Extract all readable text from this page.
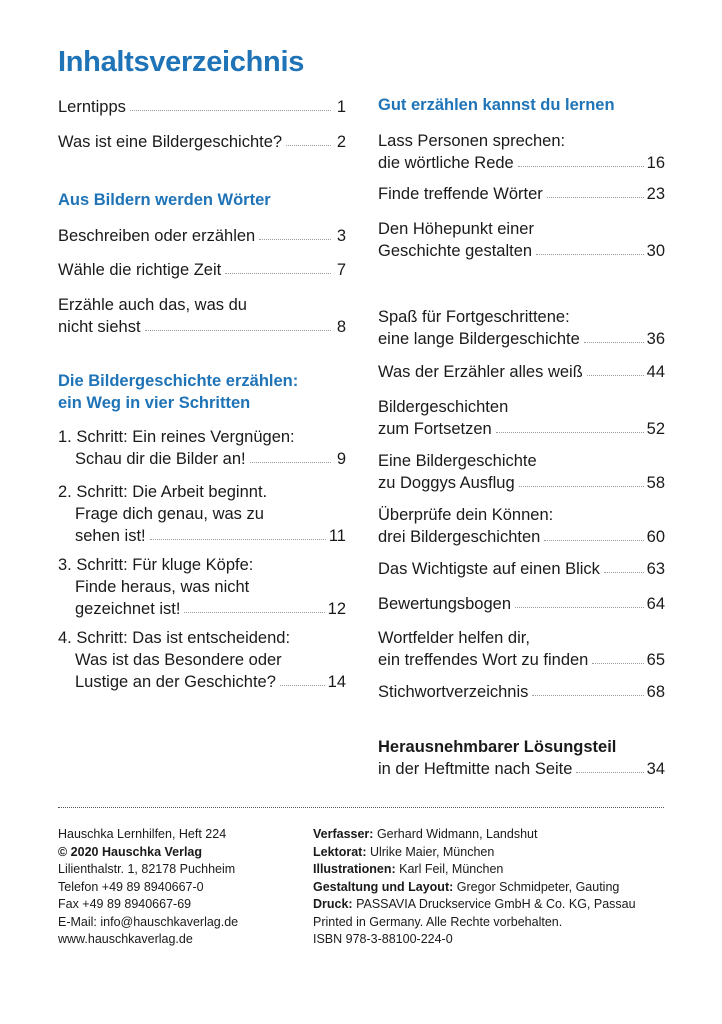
Inhaltsverzeichnis
Lerntipps	1
Was ist eine Bildergeschichte?	2
Aus Bildern werden Wörter
Beschreiben oder erzählen	3
Wähle die richtige Zeit	7
Erzähle auch das, was du
nicht siehst	8
Die Bildergeschichte erzählen:
ein Weg in vier Schritten
1. Schritt: Ein reines Vergnügen:
Schau dir die Bilder an!	9
2. Schritt: Die Arbeit beginnt.
Frage dich genau, was zu
sehen ist!	11
3. Schritt: Für kluge Köpfe:
Finde heraus, was nicht
gezeichnet ist!	12
4. Schritt: Das ist entscheidend:
Was ist das Besondere oder
Lustige an der Geschichte?	14
Gut erzählen kannst du lernen
Lass Personen sprechen:
die wörtliche Rede	16
Finde treffende Wörter	23
Den Höhepunkt einer
Geschichte gestalten	30
Spaß für Fortgeschrittene:
eine lange Bildergeschichte	36
Was der Erzähler alles weiß	44
Bildergeschichten
zum Fortsetzen	52
Eine Bildergeschichte
zu Doggys Ausflug	58
Überprüfe dein Können:
drei Bildergeschichten	60
Das Wichtigste auf einen Blick	63
Bewertungsbogen	64
Wortfelder helfen dir,
ein treffendes Wort zu finden	65
Stichwortverzeichnis	68
Herausnehmbarer Lösungsteil
in der Heftmitte nach Seite	34
Hauschka Lernhilfen, Heft 224
© 2020 Hauschka Verlag
Lilienthalstr. 1, 82178 Puchheim
Telefon +49 89 8940667-0
Fax +49 89 8940667-69
E-Mail: info@hauschkaverlag.de
www.hauschkaverlag.de
Verfasser: Gerhard Widmann, Landshut
Lektorat: Ulrike Maier, München
Illustrationen: Karl Feil, München
Gestaltung und Layout: Gregor Schmidpeter, Gauting
Druck: PASSAVIA Druckservice GmbH & Co. KG, Passau
Printed in Germany. Alle Rechte vorbehalten.
ISBN 978-3-88100-224-0
